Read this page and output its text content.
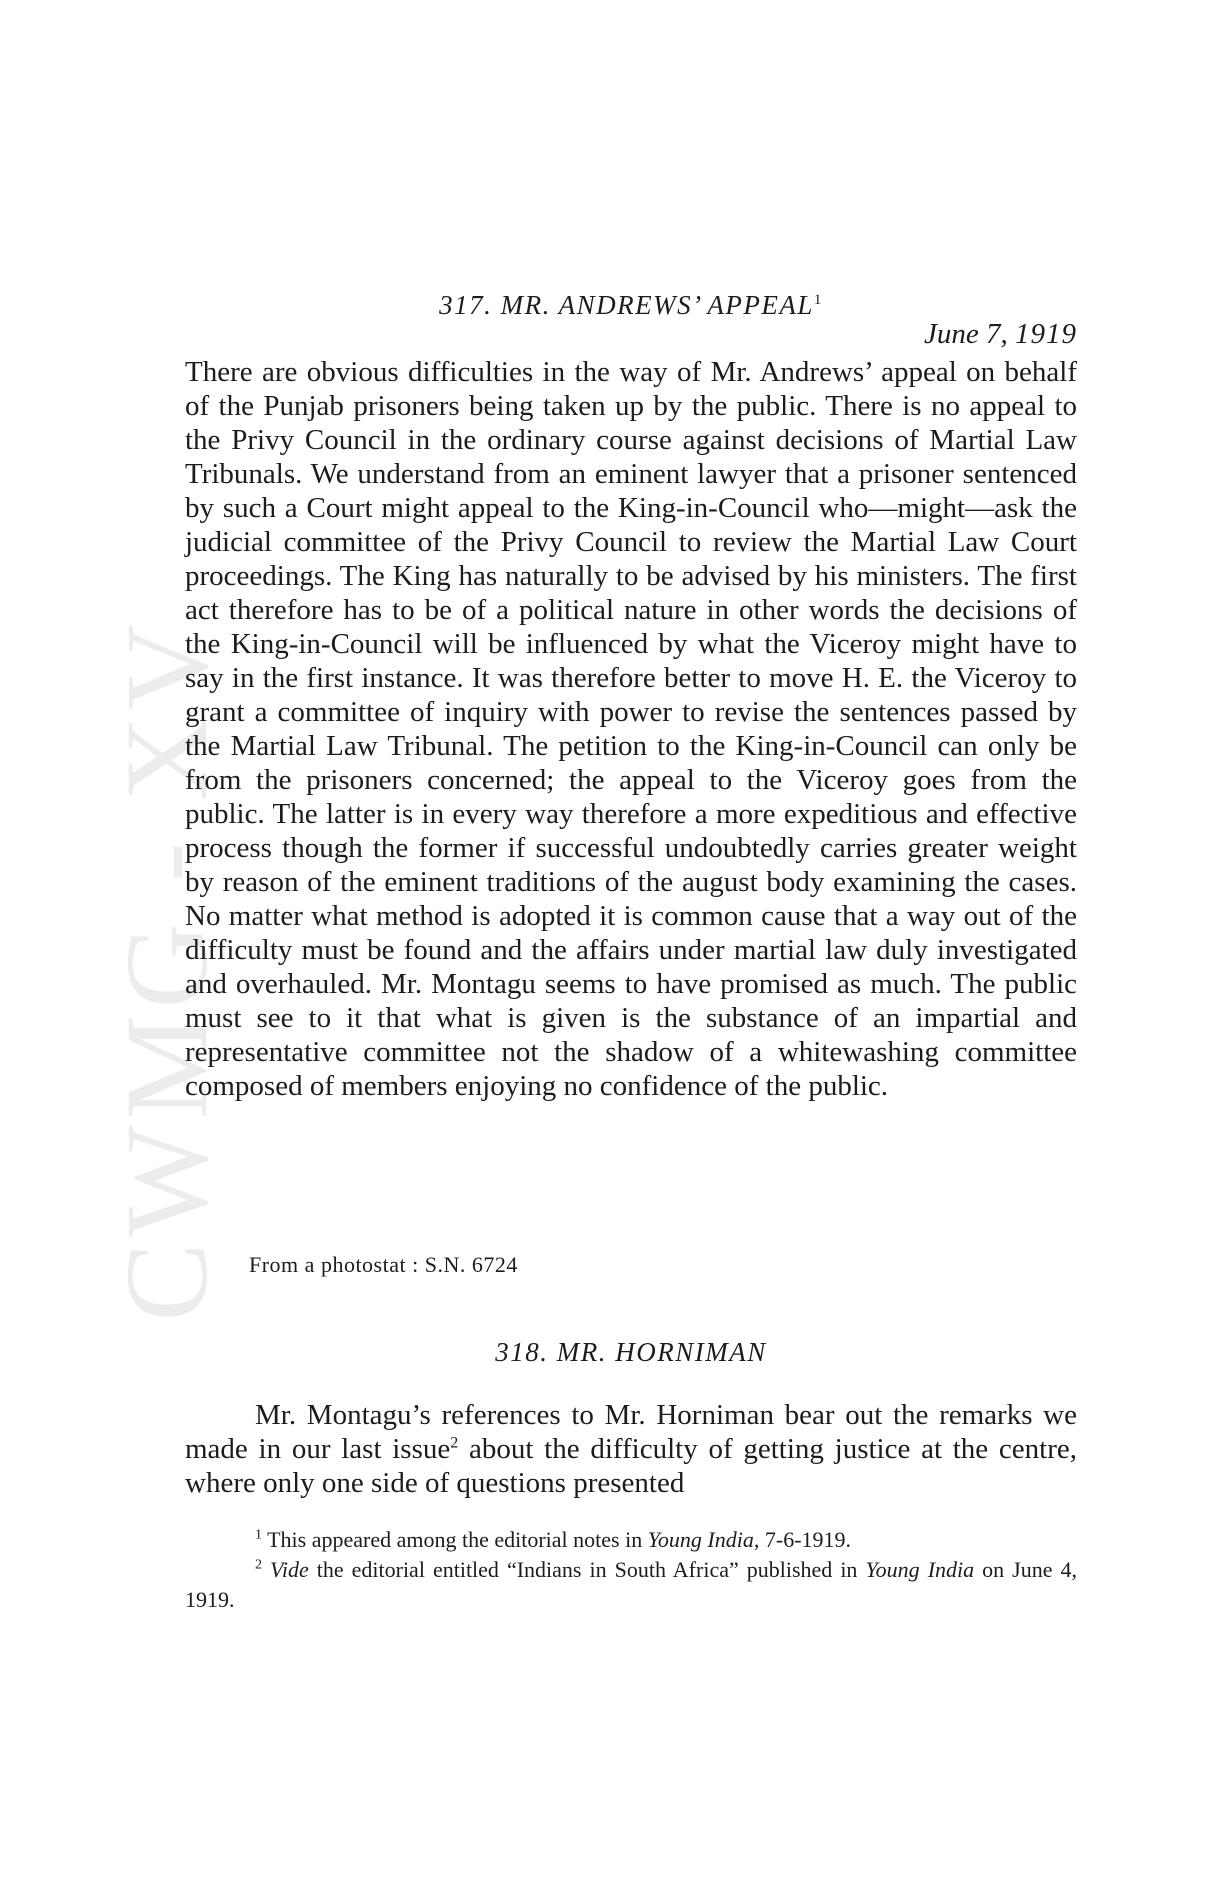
CWMG - XV
317. MR. ANDREWS’ APPEAL$^1$
June 7, 1919

There are obvious difficulties in the way of Mr. Andrews’ appeal on behalf of the Punjab prisoners being taken up by the public. There is no appeal to the Privy Council in the ordinary course against decisions of Martial Law Tribunals. We understand from an eminent lawyer that a prisoner sentenced by such a Court might appeal to the King-in-Council who—might—ask the judicial committee of the Privy Council to review the Martial Law Court proceedings. The King has naturally to be advised by his ministers. The first act therefore has to be of a political nature in other words the decisions of the King-in-Council will be influenced by what the Viceroy might have to say in the first instance. It was therefore better to move H. E. the Viceroy to grant a committee of inquiry with power to revise the sentences passed by the Martial Law Tribunal. The petition to the King-in-Council can only be from the prisoners concerned; the appeal to the Viceroy goes from the public. The latter is in every way therefore a more expeditious and effective process though the former if successful undoubtedly carries greater weight by reason of the eminent traditions of the august body examining the cases. No matter what method is adopted it is common cause that a way out of the difficulty must be found and the affairs under martial law duly investigated and overhauled. Mr. Montagu seems to have promised as much. The public must see to it that what is given is the substance of an impartial and representative committee not the shadow of a whitewashing committee composed of members enjoying no confidence of the public.

From a photostat : S.N. 6724
318. MR. HORNIMAN

Mr. Montagu’s references to Mr. Horniman bear out the remarks we made in our last issue$^2$ about the difficulty of getting justice at the centre, where only one side of questions presented

$^1$ This appeared among the editorial notes in Young India, 7-6-1919.

$^2$ Vide the editorial entitled “Indians in South Africa” published in Young India on June 4, 1919.
